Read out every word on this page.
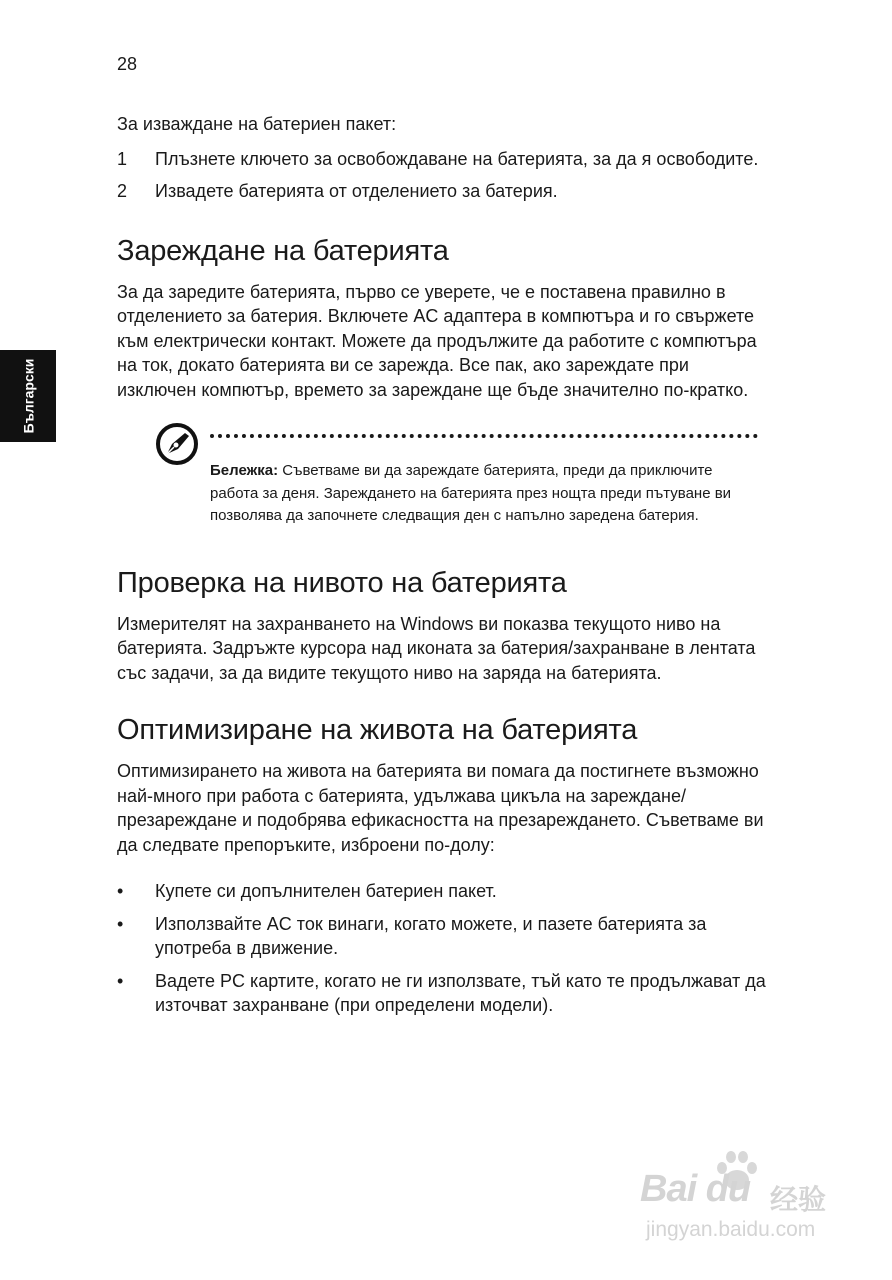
28
Български

За изваждане на батериен пакет:

1	Плъзнете ключето за освобождаване на батерията, за да я освободите.
2	Извадете батерията от отделението за батерия.
Зареждане на батерията

За да заредите батерията, първо се уверете, че е поставена правилно в отделението за батерия. Включете AC адаптера в компютъра и го свържете към електрически контакт. Можете да продължите да работите с компютъра на ток, докато батерията ви се зарежда. Все пак, ако зареждате при изключен компютър, времето за зареждане ще бъде значително по-кратко.

Бележка: Съветваме ви да зареждате батерията, преди да приключите работа за деня. Зареждането на батерията през нощта преди пътуване ви позволява да започнете следващия ден с напълно заредена батерия.

Проверка на нивото на батерията

Измерителят на захранването на Windows ви показва текущото ниво на батерията. Задръжте курсора над иконата за батерия/захранване в лентата със задачи, за да видите текущото ниво на заряда на батерията.

Оптимизиране на живота на батерията

Оптимизирането на живота на батерията ви помага да постигнете възможно най-много при работа с батерията, удължава цикъла на зареждане/презареждане и подобрява ефикасността на презареждането. Съветваме ви да следвате препоръките, изброени по-долу:

•	Купете си допълнителен батериен пакет.
•	Използвайте AC ток винаги, когато можете, и пазете батерията за употреба в движение.
•	Вадете PC картите, когато не ги използвате, тъй като те продължават да източват захранване (при определени модели).
Bai du 经验
jingyan.baidu.com
